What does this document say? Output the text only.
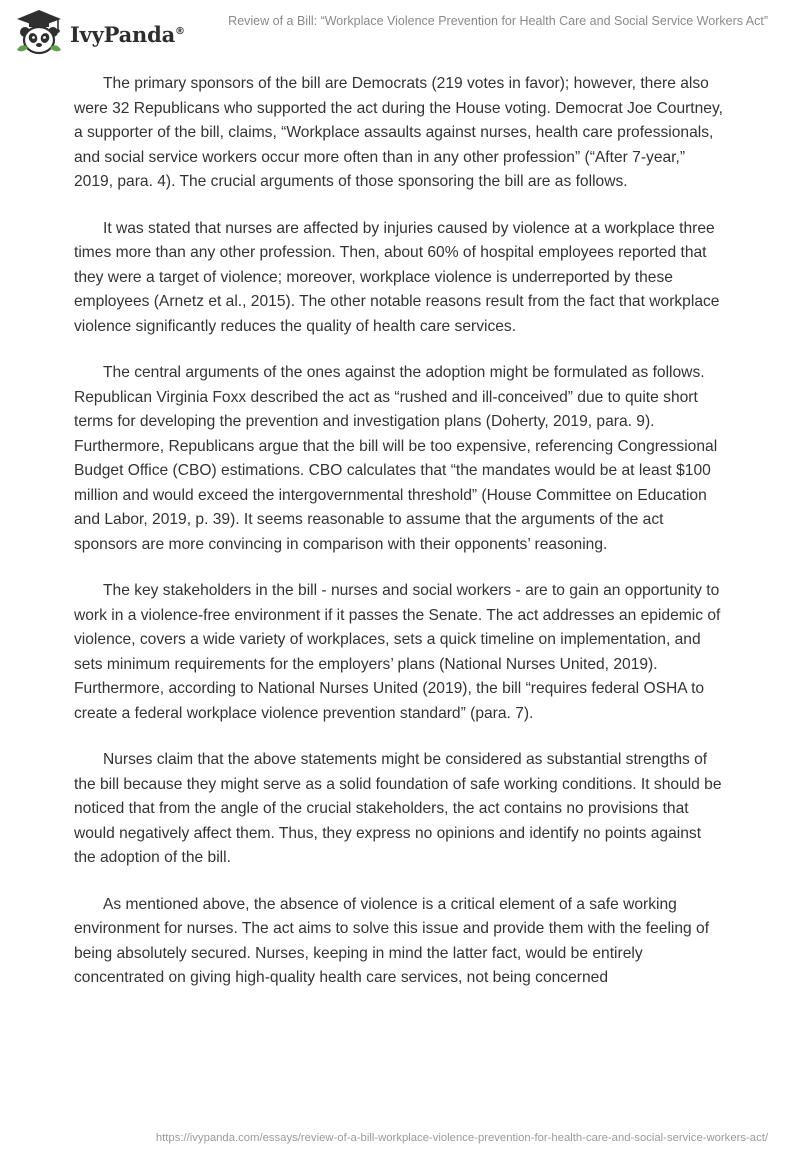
IvyPanda®
Review of a Bill: “Workplace Violence Prevention for Health Care and Social Service Workers Act”

The primary sponsors of the bill are Democrats (219 votes in favor); however, there also were 32 Republicans who supported the act during the House voting. Democrat Joe Courtney, a supporter of the bill, claims, “Workplace assaults against nurses, health care professionals, and social service workers occur more often than in any other profession” (“After 7-year,” 2019, para. 4). The crucial arguments of those sponsoring the bill are as follows.

It was stated that nurses are affected by injuries caused by violence at a workplace three times more than any other profession. Then, about 60% of hospital employees reported that they were a target of violence; moreover, workplace violence is underreported by these employees (Arnetz et al., 2015). The other notable reasons result from the fact that workplace violence significantly reduces the quality of health care services.

The central arguments of the ones against the adoption might be formulated as follows. Republican Virginia Foxx described the act as “rushed and ill-conceived” due to quite short terms for developing the prevention and investigation plans (Doherty, 2019, para. 9). Furthermore, Republicans argue that the bill will be too expensive, referencing Congressional Budget Office (CBO) estimations. CBO calculates that “the mandates would be at least $100 million and would exceed the intergovernmental threshold” (House Committee on Education and Labor, 2019, p. 39). It seems reasonable to assume that the arguments of the act sponsors are more convincing in comparison with their opponents’ reasoning.

The key stakeholders in the bill - nurses and social workers - are to gain an opportunity to work in a violence-free environment if it passes the Senate. The act addresses an epidemic of violence, covers a wide variety of workplaces, sets a quick timeline on implementation, and sets minimum requirements for the employers’ plans (National Nurses United, 2019). Furthermore, according to National Nurses United (2019), the bill “requires federal OSHA to create a federal workplace violence prevention standard” (para. 7).

Nurses claim that the above statements might be considered as substantial strengths of the bill because they might serve as a solid foundation of safe working conditions. It should be noticed that from the angle of the crucial stakeholders, the act contains no provisions that would negatively affect them. Thus, they express no opinions and identify no points against the adoption of the bill.

As mentioned above, the absence of violence is a critical element of a safe working environment for nurses. The act aims to solve this issue and provide them with the feeling of being absolutely secured. Nurses, keeping in mind the latter fact, would be entirely concentrated on giving high-quality health care services, not being concerned

https://ivypanda.com/essays/review-of-a-bill-workplace-violence-prevention-for-health-care-and-social-service-workers-act/
